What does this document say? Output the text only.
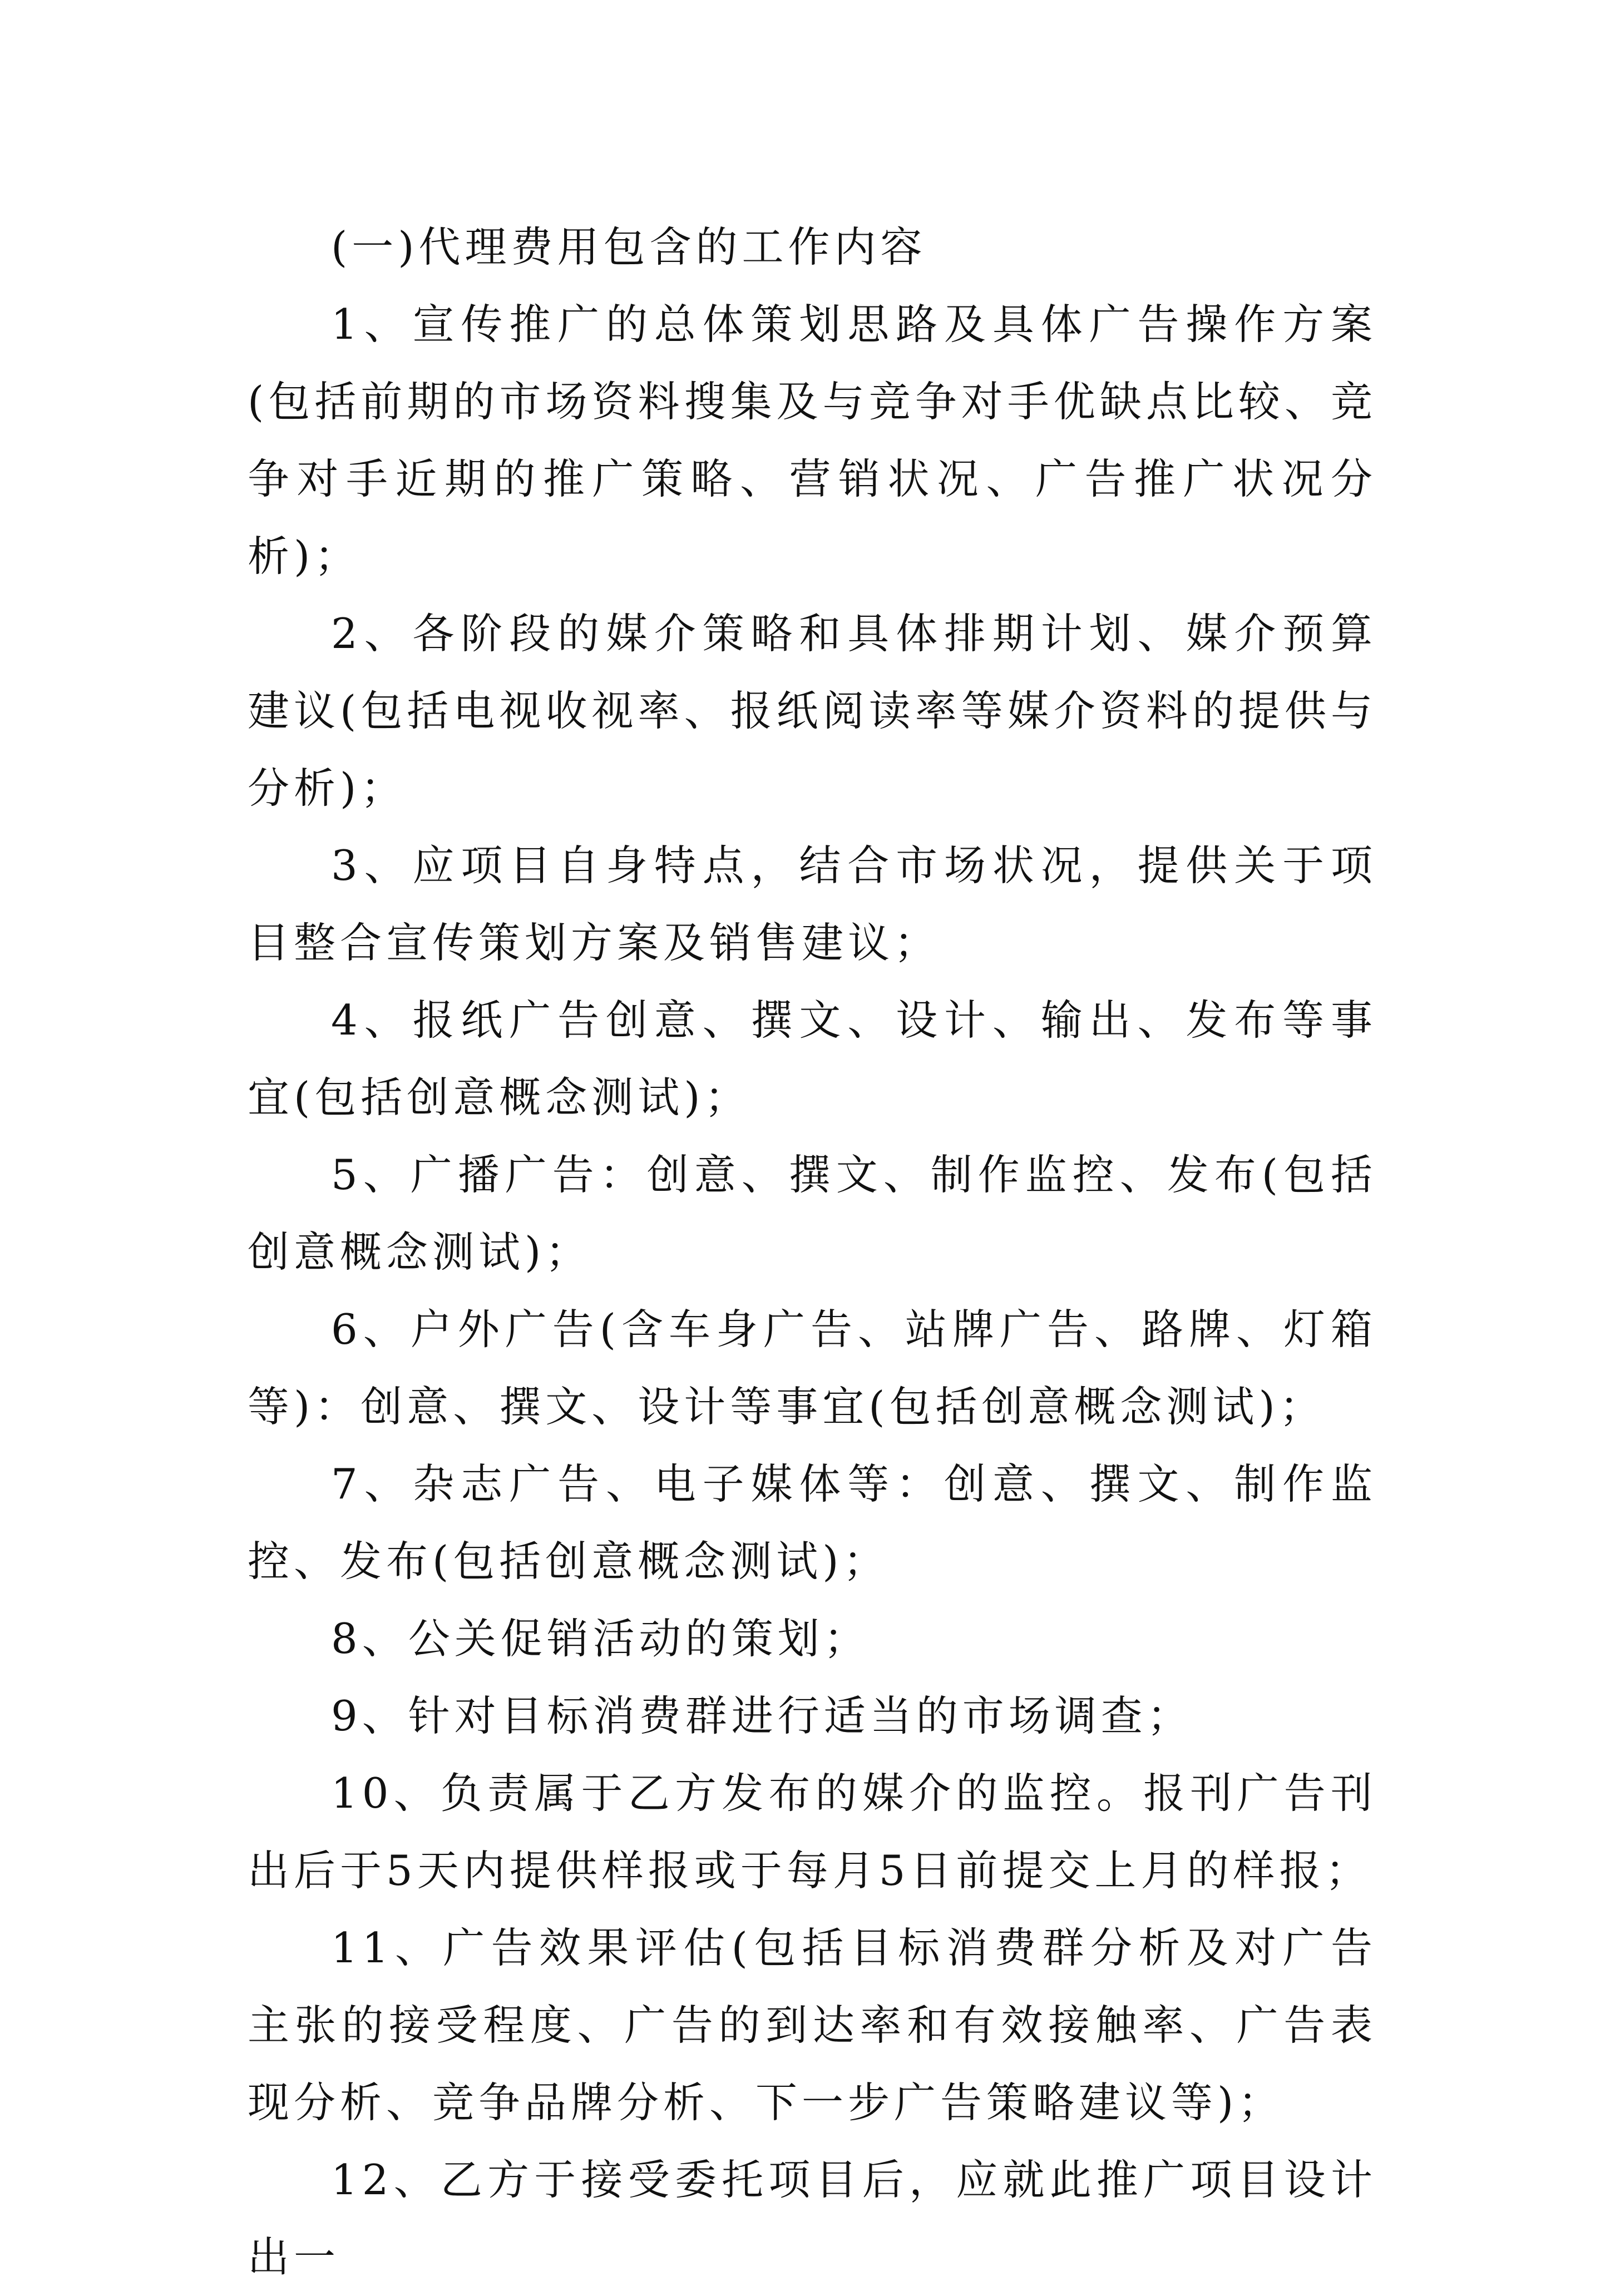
(一)代理费用包含的工作内容

1、宣传推广的总体策划思路及具体广告操作方案(包括前期的市场资料搜集及与竞争对手优缺点比较、竞争对手近期的推广策略、营销状况、广告推广状况分析)；

2、各阶段的媒介策略和具体排期计划、媒介预算建议(包括电视收视率、报纸阅读率等媒介资料的提供与分析)；

3、应项目自身特点，结合市场状况，提供关于项目整合宣传策划方案及销售建议；

4、报纸广告创意、撰文、设计、输出、发布等事宜(包括创意概念测试)；

5、广播广告：创意、撰文、制作监控、发布(包括创意概念测试)；

6、户外广告(含车身广告、站牌广告、路牌、灯箱等)：创意、撰文、设计等事宜(包括创意概念测试)；

7、杂志广告、电子媒体等：创意、撰文、制作监控、发布(包括创意概念测试)；

8、公关促销活动的策划；

9、针对目标消费群进行适当的市场调查；

10、负责属于乙方发布的媒介的监控。报刊广告刊出后于5天内提供样报或于每月5日前提交上月的样报；

11、广告效果评估(包括目标消费群分析及对广告主张的接受程度、广告的到达率和有效接触率、广告表现分析、竞争品牌分析、下一步广告策略建议等)；

12、乙方于接受委托项目后，应就此推广项目设计出一
